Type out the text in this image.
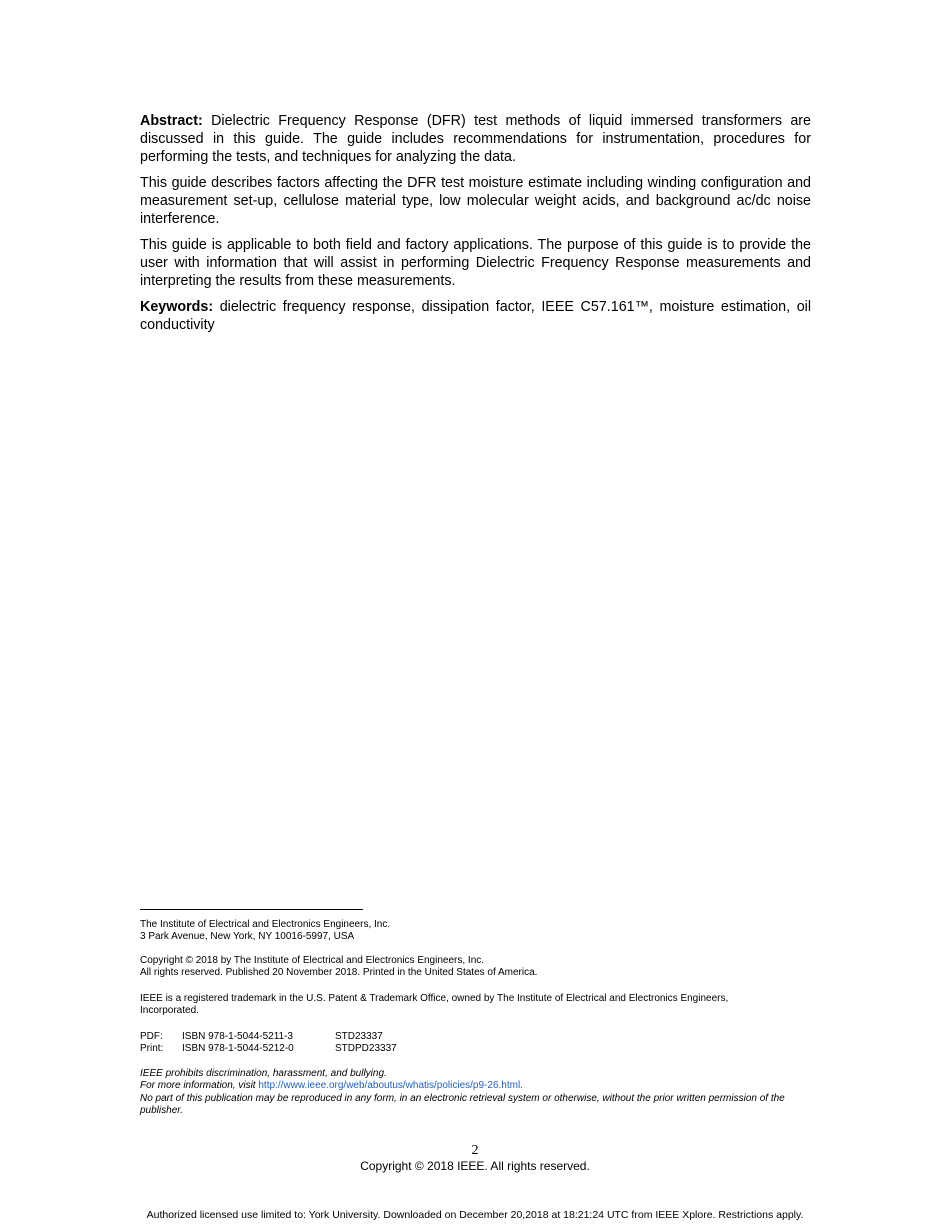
Abstract: Dielectric Frequency Response (DFR) test methods of liquid immersed transformers are discussed in this guide. The guide includes recommendations for instrumentation, procedures for performing the tests, and techniques for analyzing the data.

This guide describes factors affecting the DFR test moisture estimate including winding configuration and measurement set-up, cellulose material type, low molecular weight acids, and background ac/dc noise interference.

This guide is applicable to both field and factory applications. The purpose of this guide is to provide the user with information that will assist in performing Dielectric Frequency Response measurements and interpreting the results from these measurements.

Keywords: dielectric frequency response, dissipation factor, IEEE C57.161™, moisture estimation, oil conductivity

The Institute of Electrical and Electronics Engineers, Inc.

3 Park Avenue, New York, NY 10016-5997, USA

Copyright © 2018 by The Institute of Electrical and Electronics Engineers, Inc.

All rights reserved. Published 20 November 2018. Printed in the United States of America.

IEEE is a registered trademark in the U.S. Patent & Trademark Office, owned by The Institute of Electrical and Electronics Engineers, Incorporated.

PDF:	ISBN 978-1-5044-5211-3	STD23337
Print:	ISBN 978-1-5044-5212-0	STDPD23337

IEEE prohibits discrimination, harassment, and bullying.

For more information, visit http://www.ieee.org/web/aboutus/whatis/policies/p9-26.html.

No part of this publication may be reproduced in any form, in an electronic retrieval system or otherwise, without the prior written permission of the publisher.

2
Copyright © 2018 IEEE. All rights reserved.
Authorized licensed use limited to: York University. Downloaded on December 20,2018 at 18:21:24 UTC from IEEE Xplore. Restrictions apply.
